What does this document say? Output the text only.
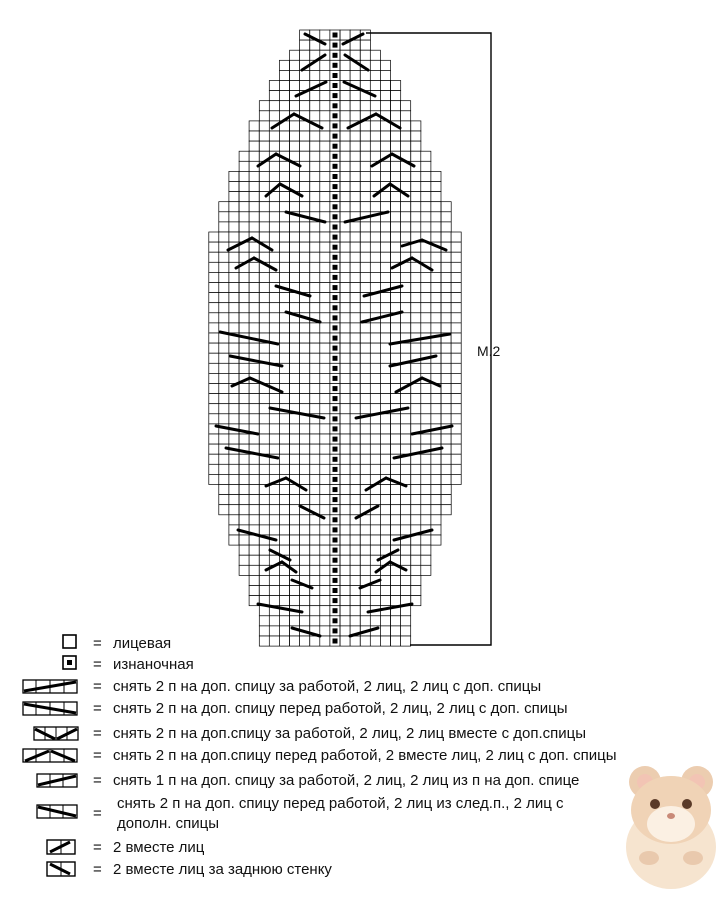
M.2
= лицевая
= изнаночная
= снять 2 п на доп. спицу за работой, 2 лиц, 2 лиц с доп. спицы
= снять 2 п на доп. спицу перед работой, 2 лиц, 2 лиц с доп. спицы
= снять 2 п на доп.спицу за работой, 2 лиц, 2 лиц вместе с доп.спицы
= снять 2 п на доп.спицу перед работой, 2 вместе лиц, 2 лиц с доп. спицы
= снять 1 п на доп. спицу за работой, 2 лиц, 2 лиц из п на доп. спице
=
снять 2 п на доп. спицу перед работой, 2 лиц из след.п., 2 лиц с дополн. спицы
= 2 вместе лиц
= 2 вместе лиц за заднюю стенку
